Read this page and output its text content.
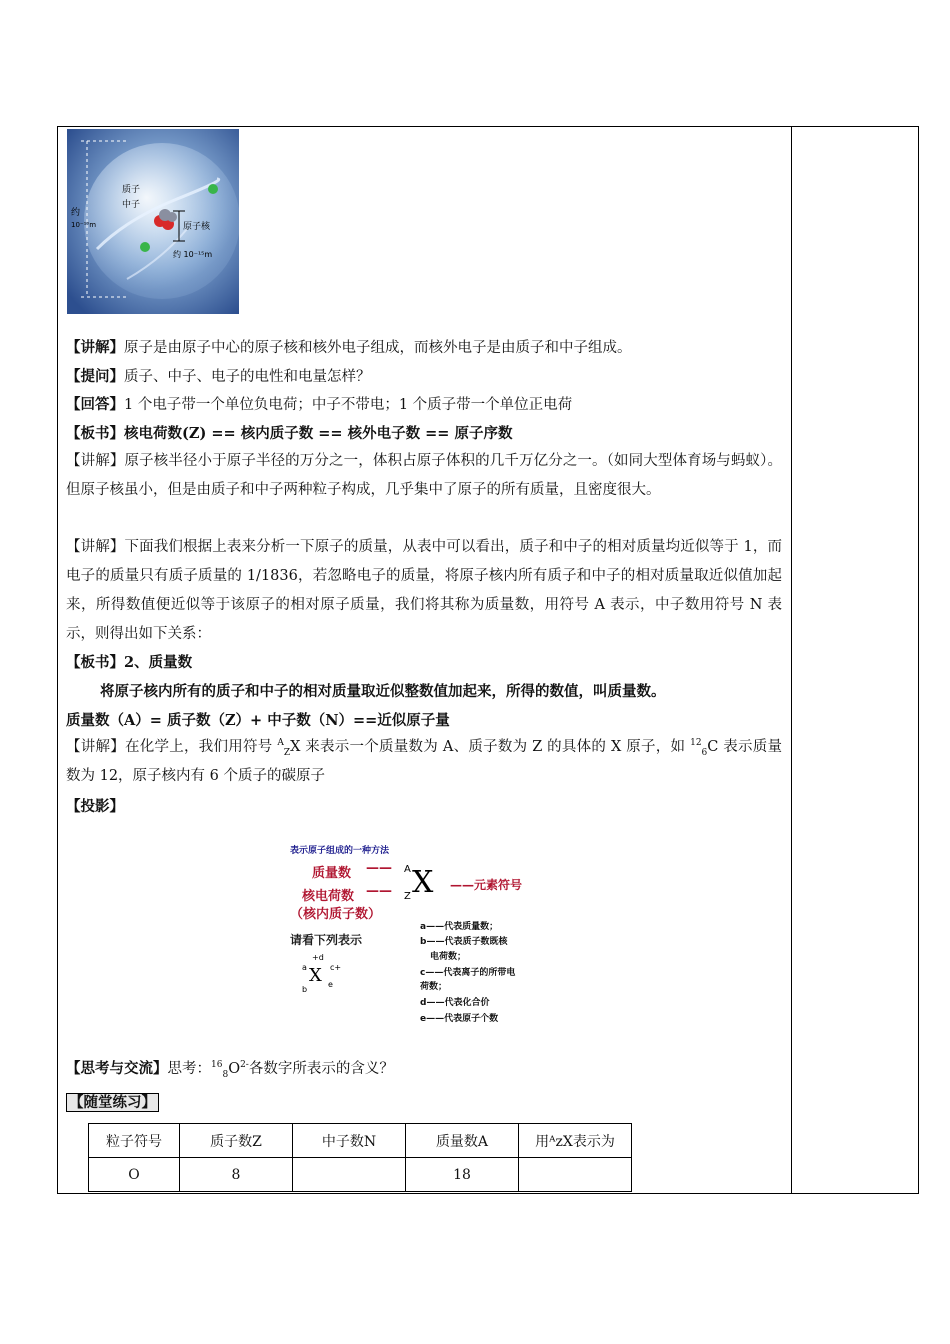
质子
中子
原子核
约
10⁻¹⁰m
约 10⁻¹⁵m
【讲解】原子是由原子中心的原子核和核外电子组成，而核外电子是由质子和中子组成。
【提问】质子、中子、电子的电性和电量怎样？
【回答】1 个电子带一个单位负电荷；中子不带电；1 个质子带一个单位正电荷
【板书】核电荷数(Z) == 核内质子数 == 核外电子数 == 原子序数
【讲解】原子核半径小于原子半径的万分之一，体积占原子体积的几千万亿分之一。（如同大型体育场与蚂蚁）。但原子核虽小，但是由质子和中子两种粒子构成，几乎集中了原子的所有质量，且密度很大。
【讲解】下面我们根据上表来分析一下原子的质量，从表中可以看出，质子和中子的相对质量均近似等于 1，而电子的质量只有质子质量的 1/1836，若忽略电子的质量，将原子核内所有质子和中子的相对质量取近似值加起来，所得数值便近似等于该原子的相对原子质量，我们将其称为质量数，用符号 A 表示，中子数用符号 N 表示，则得出如下关系：
【板书】2、质量数
将原子核内所有的质子和中子的相对质量取近似整数值加起来，所得的数值，叫质量数。
质量数（A）= 质子数（Z）+ 中子数（N）==近似原子量
【讲解】在化学上，我们用符号 $^A_Z$X 来表示一个质量数为 A、质子数为 Z 的具体的 X 原子，如 $^{12}_6$C 表示质量数为 12，原子核内有 6 个质子的碳原子
【投影】
表示原子组成的一种方法
质量数 ——
核电荷数 ——
（核内质子数）
A
Z X ——元素符号
请看下列表示
+d
a	c+
X
b
e
a——代表质量数；
b——代表质子数既核
电荷数；
c——代表离子的所带电
荷数；
d——代表化合价
e——代表原子个数
【思考与交流】思考：$^{16}_8O^{2-}$各数字所表示的含义？
【随堂练习】
粒子符号	质子数Z	中子数N	质量数A	用ᴬzX表示为
O	8		18	
